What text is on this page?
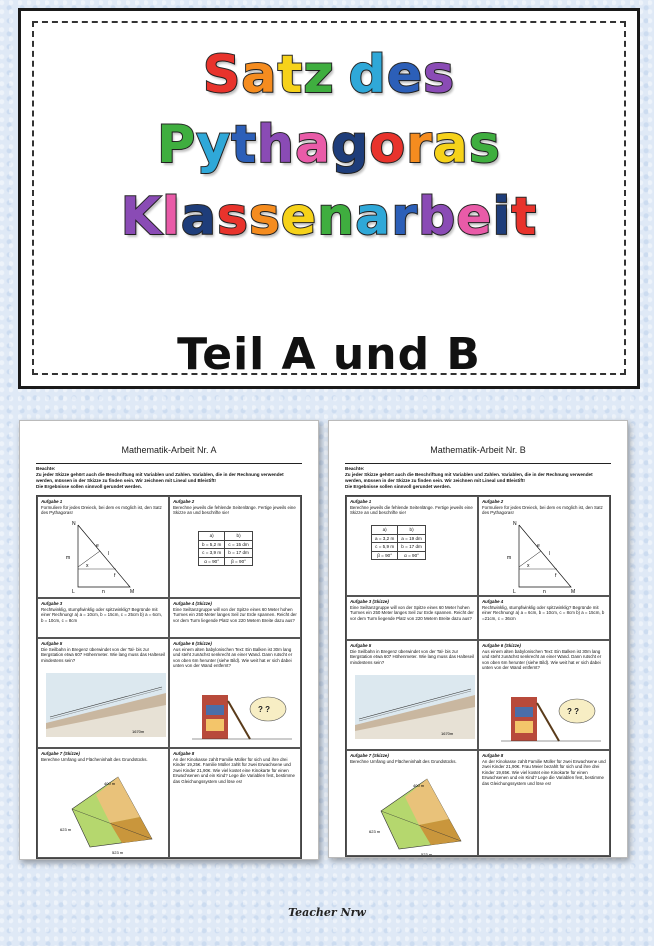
Satz des
Pythagoras
Klassenarbeit
Teil A und B
Mathematik-Arbeit Nr. A
Beachte:
Zu jeder Skizze gehört auch die Beschriftung mit Variablen und Zahlen. Variablen, die in der Rechnung verwendet werden, müssen in der Skizze zu finden sein. Wir zeichnen mit Lineal und Bleistift!
Die Ergebnisse sollen sinnvoll gerundet werden.
Aufgabe 1
Formuliere für jedes Dreieck, bei dem es möglich ist, den Satz des Pythagoras!
N
m
l
e
x
f
L	n	M
Aufgabe 2
Berechne jeweils die fehlende Seitenlänge. Fertige jeweils eine Skizze an und beschrifte sie!
a)	b)
b = 5,2 m	c = 15 dm
c = 3,9 m	b = 17 dm
α = 90°	β = 90°
Aufgabe 3
Rechtwinklig, stumpfwinklig oder spitzwinklig? Begründe mit einer Rechnung! a) a = 10cm, b = 15cm, c = 25cm b) a = 6cm, b = 10cm, c = 8cm
Aufgabe 4 (Skizze)
Eine Seiltanzgruppe will von der Spitze eines 60 Meter hohen Turmes ein 250 Meter langes Seil zur Erde spannen. Reicht der vor dem Turm liegende Platz von 220 Metern Breite dazu aus?
Aufgabe 5
Die Seilbahn in Bregenz überwindet von der Tal- bis zur Bergstation etwa 607 Höhenmeter. Wie lang muss das Halteseil mindestens sein?
1670m
Aufgabe 6 (Skizze)
Aus einem alten babylonischen Text: Ein Balken ist 30m lang und steht zunächst senkrecht an einer Wand. Dann rutscht er von oben 6m herunter (siehe Bild). Wie weit hat er sich dabei unten von der Wand entfernt?
? ?
Aufgabe 7 (Skizze)
Berechne Umfang und Flächeninhalt des Grundstücks.
400 m
623 m
523 m
Aufgabe 8
An der Kinokasse zahlt Familie Müller für sich und ihre drei Kinder 19,25€. Familie Müller zahlt für zwei Erwachsene und zwei Kinder 21,90€. Wie viel kostet eine Kinokarte für einen Erwachsenen und ein Kind? Lege die Variablen fest, bestimme das Gleichungssystem und löse es!
Mathematik-Arbeit Nr. B
Beachte:
Zu jeder Skizze gehört auch die Beschriftung mit Variablen und Zahlen. Variablen, die in der Rechnung verwendet werden, müssen in der Skizze zu finden sein. Wir zeichnen mit Lineal und Bleistift!
Die Ergebnisse sollen sinnvoll gerundet werden.
Aufgabe 1
Berechne jeweils die fehlende Seitenlänge. Fertige jeweils eine Skizze an und beschrifte sie!
a)	b)
a = 3,2 m	a = 19 dm
c = 5,9 m	b = 17 dm
β = 90°	α = 90°
Aufgabe 2
Formuliere für jedes Dreieck, bei dem es möglich ist, den Satz des Pythagoras!
N
m
l
e
x
f
L	n	M
Aufgabe 3 (Skizze)
Eine Seiltanzgruppe will von der Spitze eines 60 Meter hohen Turmes ein 250 Meter langes Seil zur Erde spannen. Reicht der vor dem Turm liegende Platz von 220 Metern Breite dazu aus?
Aufgabe 4
Rechtwinklig, stumpfwinklig oder spitzwinklig? Begründe mit einer Rechnung! a) a = 6cm, b = 10cm, c = 8cm b) a = 15cm, b =21cm, c = 36cm
Aufgabe 5
Die Seilbahn in Bregenz überwindet von der Tal- bis zur Bergstation etwa 607 Höhenmeter. Wie lang muss das Halteseil mindestens sein?
1670m
Aufgabe 6 (Skizze)
Aus einem alten babylonischen Text: Ein Balken ist 30m lang und steht zunächst senkrecht an einer Wand. Dann rutscht er von oben 6m herunter (siehe Bild). Wie weit hat er sich dabei unten von der Wand entfernt?
? ?
Aufgabe 7 (Skizze)
Berechne Umfang und Flächeninhalt des Grundstücks.
400 m
623 m
523 m
Aufgabe 8
An der Kinokasse zahlt Familie Müller für zwei Erwachsene und zwei Kinder 21,90€. Frau Meier bezahlt für sich und ihre drei Kinder 19,65€. Wie viel kostet eine Kinokarte für einen Erwachsenen und ein Kind? Lege die Variablen fest, bestimme das Gleichungssystem und löse es!
Teacher Nrw
